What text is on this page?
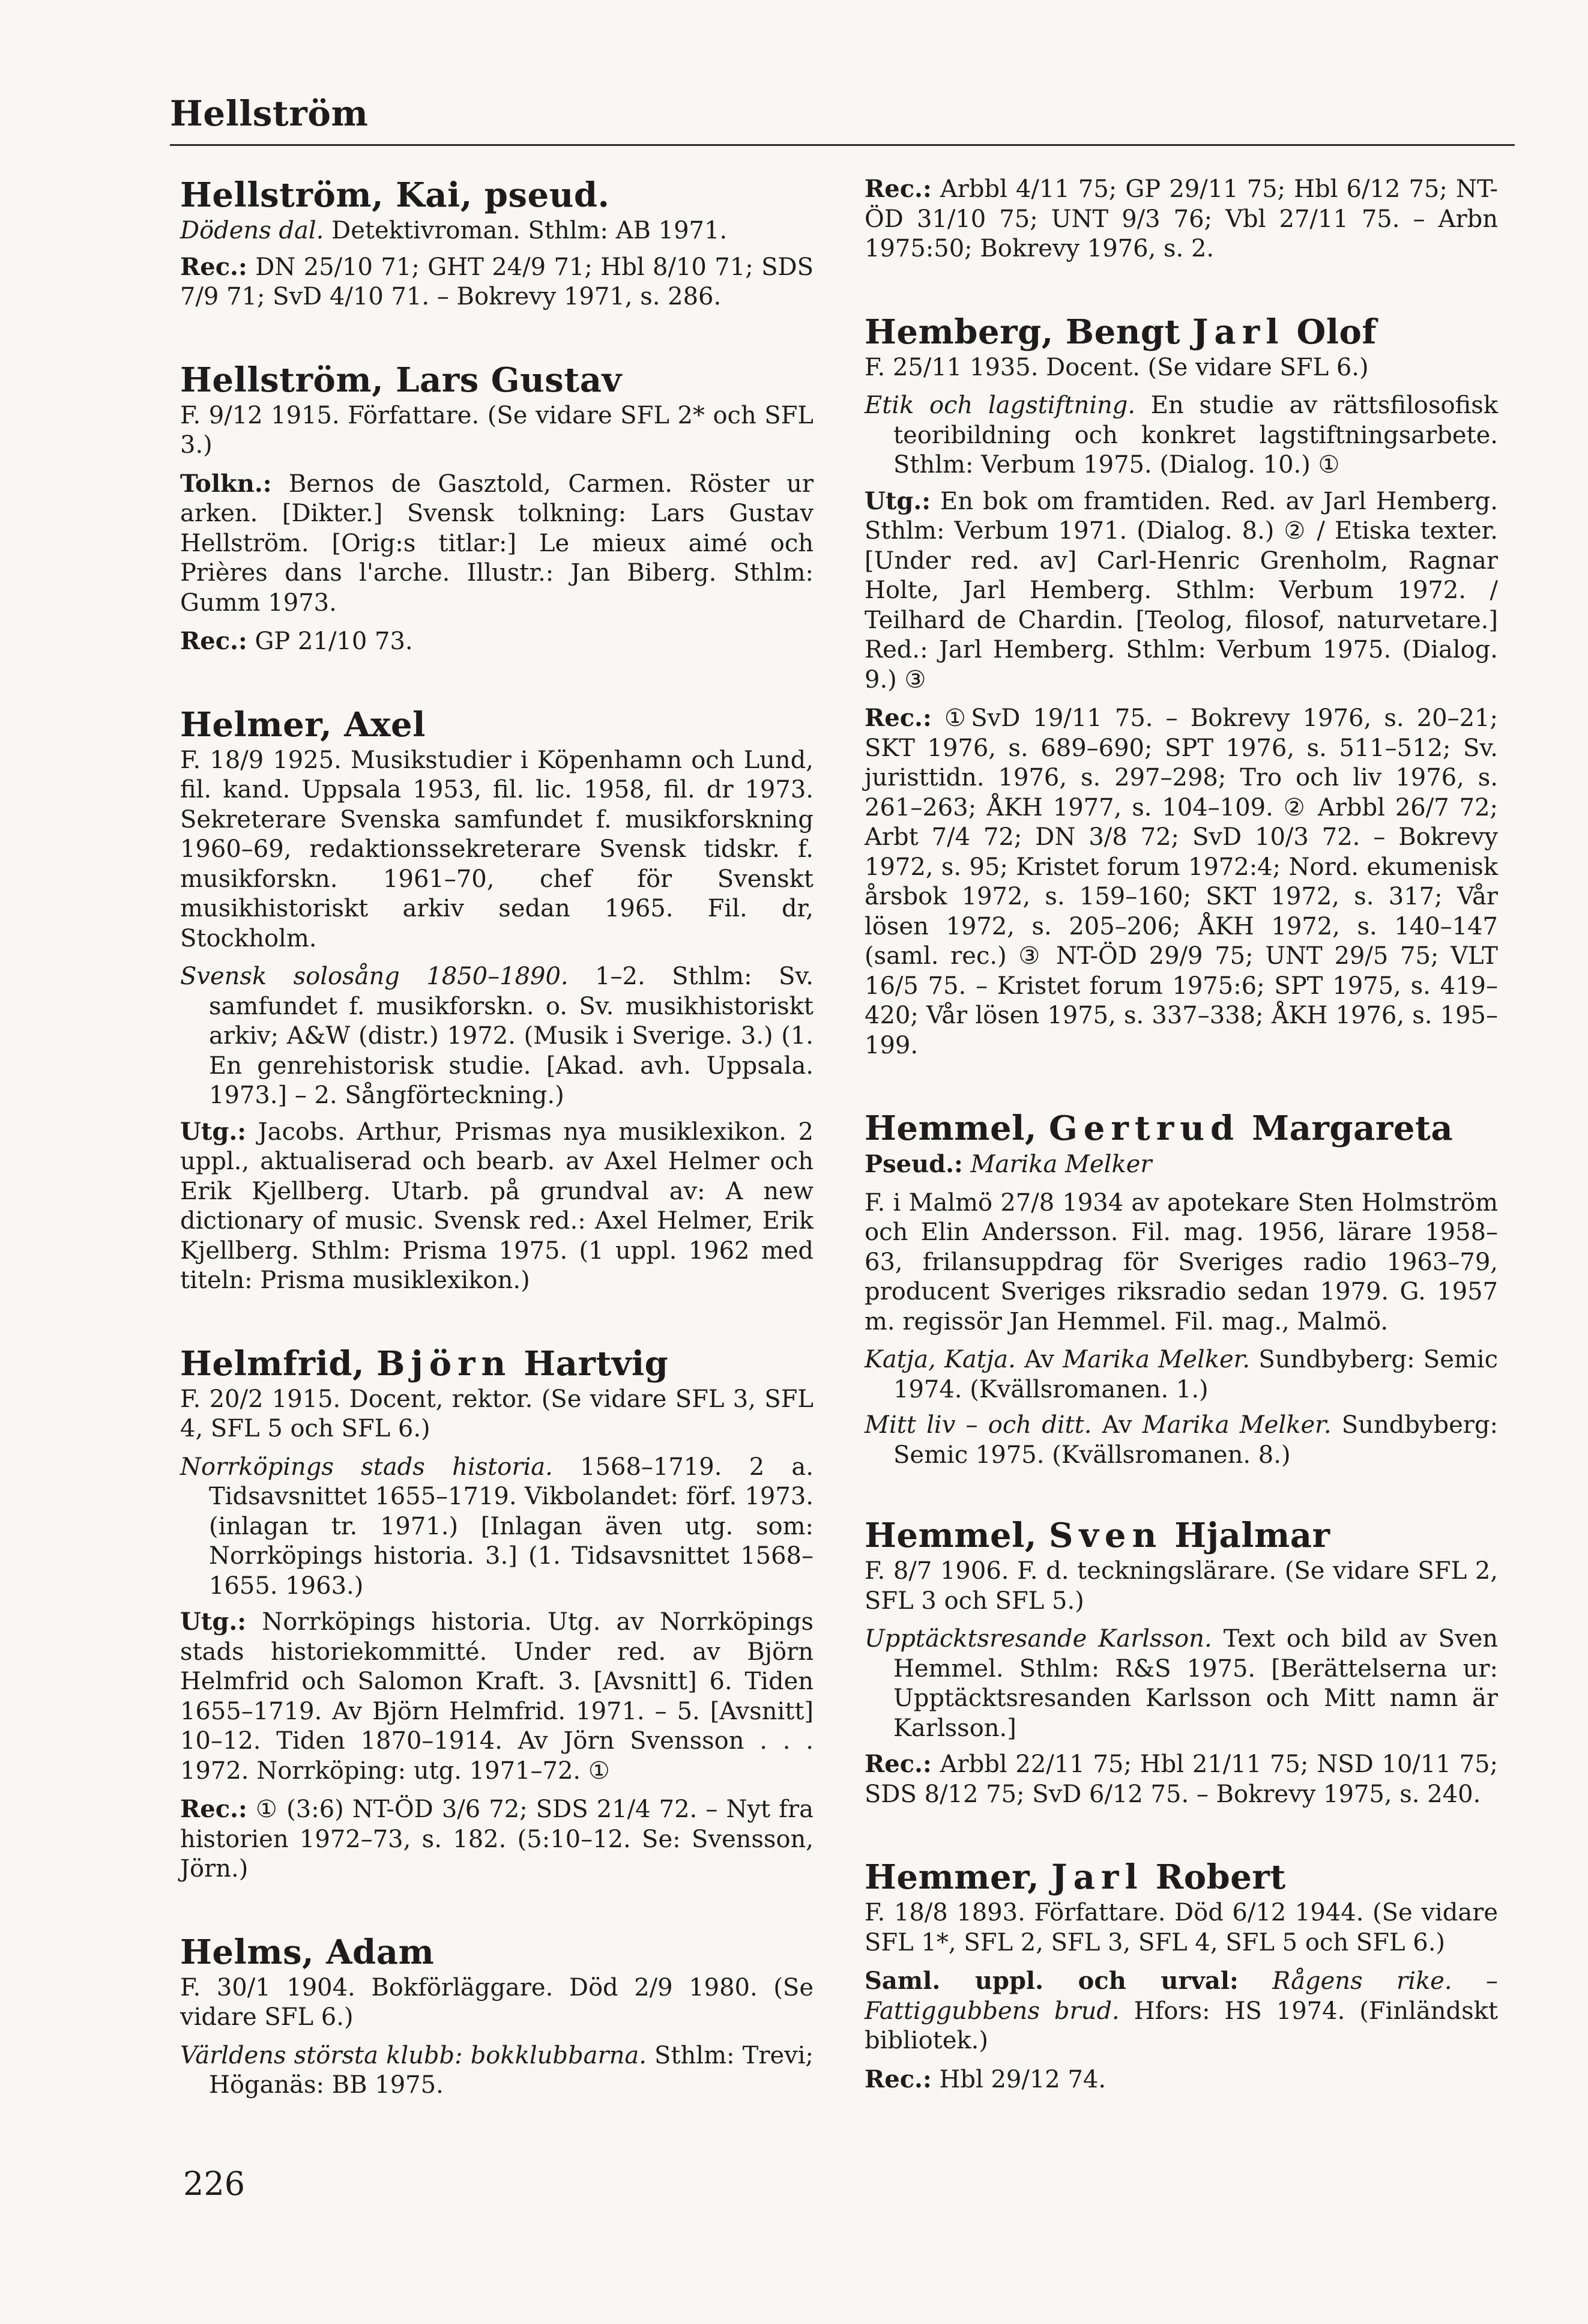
Hellström
Hellström, Kai, pseud.

Dödens dal. Detektivroman. Sthlm: AB 1971.

Rec.: DN 25/10 71; GHT 24/9 71; Hbl 8/10 71; SDS 7/9 71; SvD 4/10 71. – Bokrevy 1971, s. 286.

Hellström, Lars Gustav

F. 9/12 1915. Författare. (Se vidare SFL 2* och SFL 3.)

Tolkn.: Bernos de Gasztold, Carmen. Röster ur arken. [Dikter.] Svensk tolkning: Lars Gustav Hellström. [Orig:s titlar:] Le mieux aimé och Prières dans l'arche. Illustr.: Jan Biberg. Sthlm: Gumm 1973.

Rec.: GP 21/10 73.

Helmer, Axel

F. 18/9 1925. Musikstudier i Köpenhamn och Lund, fil. kand. Uppsala 1953, fil. lic. 1958, fil. dr 1973. Sekreterare Svenska samfundet f. musikforskning 1960–69, redaktionssekreterare Svensk tidskr. f. musikforskn. 1961–70, chef för Svenskt musikhistoriskt arkiv sedan 1965. Fil. dr, Stockholm.

Svensk solosång 1850–1890. 1–2. Sthlm: Sv. samfundet f. musikforskn. o. Sv. musikhistoriskt arkiv; A&W (distr.) 1972. (Musik i Sverige. 3.) (1. En genrehistorisk studie. [Akad. avh. Uppsala. 1973.] – 2. Sångförteckning.)

Utg.: Jacobs. Arthur, Prismas nya musiklexikon. 2 uppl., aktualiserad och bearb. av Axel Helmer och Erik Kjellberg. Utarb. på grundval av: A new dictionary of music. Svensk red.: Axel Helmer, Erik Kjellberg. Sthlm: Prisma 1975. (1 uppl. 1962 med titeln: Prisma musiklexikon.)

Helmfrid, Björn Hartvig

F. 20/2 1915. Docent, rektor. (Se vidare SFL 3, SFL 4, SFL 5 och SFL 6.)

Norrköpings stads historia. 1568–1719. 2 a. Tidsavsnittet 1655–1719. Vikbolandet: förf. 1973. (inlagan tr. 1971.) [Inlagan även utg. som: Norrköpings historia. 3.] (1. Tidsavsnittet 1568–1655. 1963.)

Utg.: Norrköpings historia. Utg. av Norrköpings stads historiekommitté. Under red. av Björn Helmfrid och Salomon Kraft. 3. [Avsnitt] 6. Tiden 1655–1719. Av Björn Helmfrid. 1971. – 5. [Avsnitt] 10–12. Tiden 1870–1914. Av Jörn Svensson . . . 1972. Norrköping: utg. 1971–72. ①

Rec.: ① (3:6) NT-ÖD 3/6 72; SDS 21/4 72. – Nyt fra historien 1972–73, s. 182. (5:10–12. Se: Svensson, Jörn.)

Helms, Adam

F. 30/1 1904. Bokförläggare. Död 2/9 1980. (Se vidare SFL 6.)

Världens största klubb: bokklubbarna. Sthlm: Trevi; Höganäs: BB 1975.

Rec.: Arbbl 4/11 75; GP 29/11 75; Hbl 6/12 75; NT-ÖD 31/10 75; UNT 9/3 76; Vbl 27/11 75. – Arbn 1975:50; Bokrevy 1976, s. 2.

Hemberg, Bengt Jarl Olof

F. 25/11 1935. Docent. (Se vidare SFL 6.)

Etik och lagstiftning. En studie av rättsfilosofisk teoribildning och konkret lagstiftningsarbete. Sthlm: Verbum 1975. (Dialog. 10.) ①

Utg.: En bok om framtiden. Red. av Jarl Hemberg. Sthlm: Verbum 1971. (Dialog. 8.) ② / Etiska texter. [Under red. av] Carl-Henric Grenholm, Ragnar Holte, Jarl Hemberg. Sthlm: Verbum 1972. / Teilhard de Chardin. [Teolog, filosof, naturvetare.] Red.: Jarl Hemberg. Sthlm: Verbum 1975. (Dialog. 9.) ③

Rec.: ①SvD 19/11 75. – Bokrevy 1976, s. 20–21; SKT 1976, s. 689–690; SPT 1976, s. 511–512; Sv. juristtidn. 1976, s. 297–298; Tro och liv 1976, s. 261–263; ÅKH 1977, s. 104–109. ② Arbbl 26/7 72; Arbt 7/4 72; DN 3/8 72; SvD 10/3 72. – Bokrevy 1972, s. 95; Kristet forum 1972:4; Nord. ekumenisk årsbok 1972, s. 159–160; SKT 1972, s. 317; Vår lösen 1972, s. 205–206; ÅKH 1972, s. 140–147 (saml. rec.) ③ NT-ÖD 29/9 75; UNT 29/5 75; VLT 16/5 75. – Kristet forum 1975:6; SPT 1975, s. 419–420; Vår lösen 1975, s. 337–338; ÅKH 1976, s. 195–199.

Hemmel, Gertrud Margareta

Pseud.: Marika Melker

F. i Malmö 27/8 1934 av apotekare Sten Holmström och Elin Andersson. Fil. mag. 1956, lärare 1958–63, frilansuppdrag för Sveriges radio 1963–79, producent Sveriges riksradio sedan 1979. G. 1957 m. regissör Jan Hemmel. Fil. mag., Malmö.

Katja, Katja. Av Marika Melker. Sundbyberg: Semic 1974. (Kvällsromanen. 1.)

Mitt liv – och ditt. Av Marika Melker. Sundbyberg: Semic 1975. (Kvällsromanen. 8.)

Hemmel, Sven Hjalmar

F. 8/7 1906. F. d. teckningslärare. (Se vidare SFL 2, SFL 3 och SFL 5.)

Upptäcktsresande Karlsson. Text och bild av Sven Hemmel. Sthlm: R&S 1975. [Berättelserna ur: Upptäcktsresanden Karlsson och Mitt namn är Karlsson.]

Rec.: Arbbl 22/11 75; Hbl 21/11 75; NSD 10/11 75; SDS 8/12 75; SvD 6/12 75. – Bokrevy 1975, s. 240.

Hemmer, Jarl Robert

F. 18/8 1893. Författare. Död 6/12 1944. (Se vidare SFL 1*, SFL 2, SFL 3, SFL 4, SFL 5 och SFL 6.)

Saml. uppl. och urval: Rågens rike. – Fattiggubbens brud. Hfors: HS 1974. (Finländskt bibliotek.)

Rec.: Hbl 29/12 74.

226
